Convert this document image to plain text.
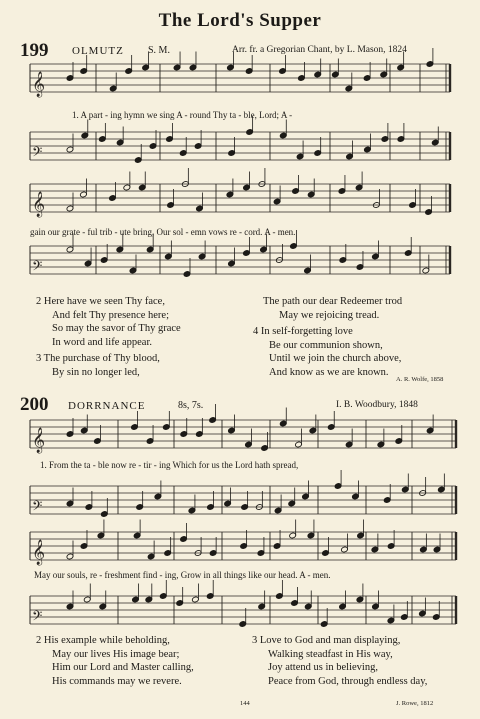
The Lord's Supper
199 OLMUTZ S. M.	Arr. fr. a Gregorian Chant, by L. Mason, 1824
𝄞
𝄢
𝄞
𝄢
1. A part - ing hymn we sing A - round Thy ta - ble, Lord; A -
gain our grate - ful trib - ute bring, Our sol - emn vows re - cord. A - men.
2 Here have we seen Thy face,
And felt Thy presence here;
So may the savor of Thy grace
In word and life appear.
3 The purchase of Thy blood,
By sin no longer led,
The path our dear Redeemer trod
May we rejoicing tread.
4 In self-forgetting love
Be our communion shown,
Until we join the church above,
And know as we are known.
A. R. Wolfe, 1858
200 DORRNANCE	8s, 7s.	I. B. Woodbury, 1848
𝄞
𝄢
𝄞
𝄢
1. From the ta - ble now re - tir - ing Which for us the Lord hath spread,
May our souls, re - freshment find - ing, Grow in all things like our head. A - men.
2 His example while beholding,
May our lives His image bear;
Him our Lord and Master calling,
His commands may we revere.
3 Love to God and man displaying,
Walking steadfast in His way,
Joy attend us in believing,
Peace from God, through endless day,
144	J. Rowe, 1812
